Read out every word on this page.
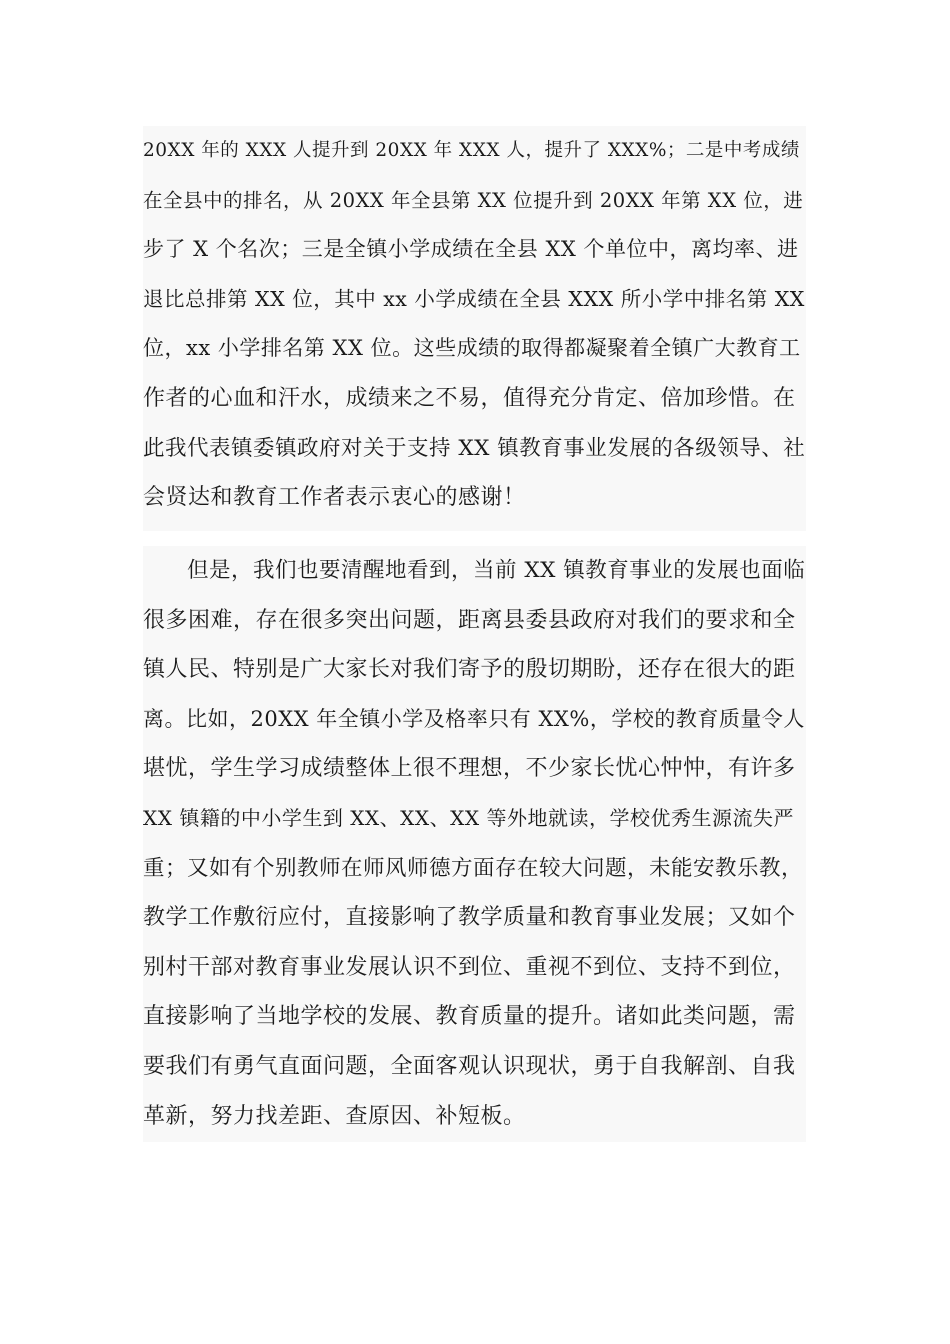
20XX 年的 XXX 人提升到 20XX 年 XXX 人，提升了 XXX%；二是中考成绩
在全县中的排名，从 20XX 年全县第 XX 位提升到 20XX 年第 XX 位，进
步了 X 个名次；三是全镇小学成绩在全县 XX 个单位中，离均率、进
退比总排第 XX 位，其中 xx 小学成绩在全县 XXX 所小学中排名第 XX
位，xx 小学排名第 XX 位。这些成绩的取得都凝聚着全镇广大教育工
作者的心血和汗水，成绩来之不易，值得充分肯定、倍加珍惜。在
此我代表镇委镇政府对关于支持 XX 镇教育事业发展的各级领导、社
会贤达和教育工作者表示衷心的感谢！
但是，我们也要清醒地看到，当前 XX 镇教育事业的发展也面临
很多困难，存在很多突出问题，距离县委县政府对我们的要求和全
镇人民、特别是广大家长对我们寄予的殷切期盼，还存在很大的距
离。比如，20XX 年全镇小学及格率只有 XX%，学校的教育质量令人
堪忧，学生学习成绩整体上很不理想，不少家长忧心忡忡，有许多
XX 镇籍的中小学生到 XX、XX、XX 等外地就读，学校优秀生源流失严
重；又如有个别教师在师风师德方面存在较大问题，未能安教乐教，
教学工作敷衍应付，直接影响了教学质量和教育事业发展；又如个
别村干部对教育事业发展认识不到位、重视不到位、支持不到位，
直接影响了当地学校的发展、教育质量的提升。诸如此类问题，需
要我们有勇气直面问题，全面客观认识现状，勇于自我解剖、自我
革新，努力找差距、查原因、补短板。
